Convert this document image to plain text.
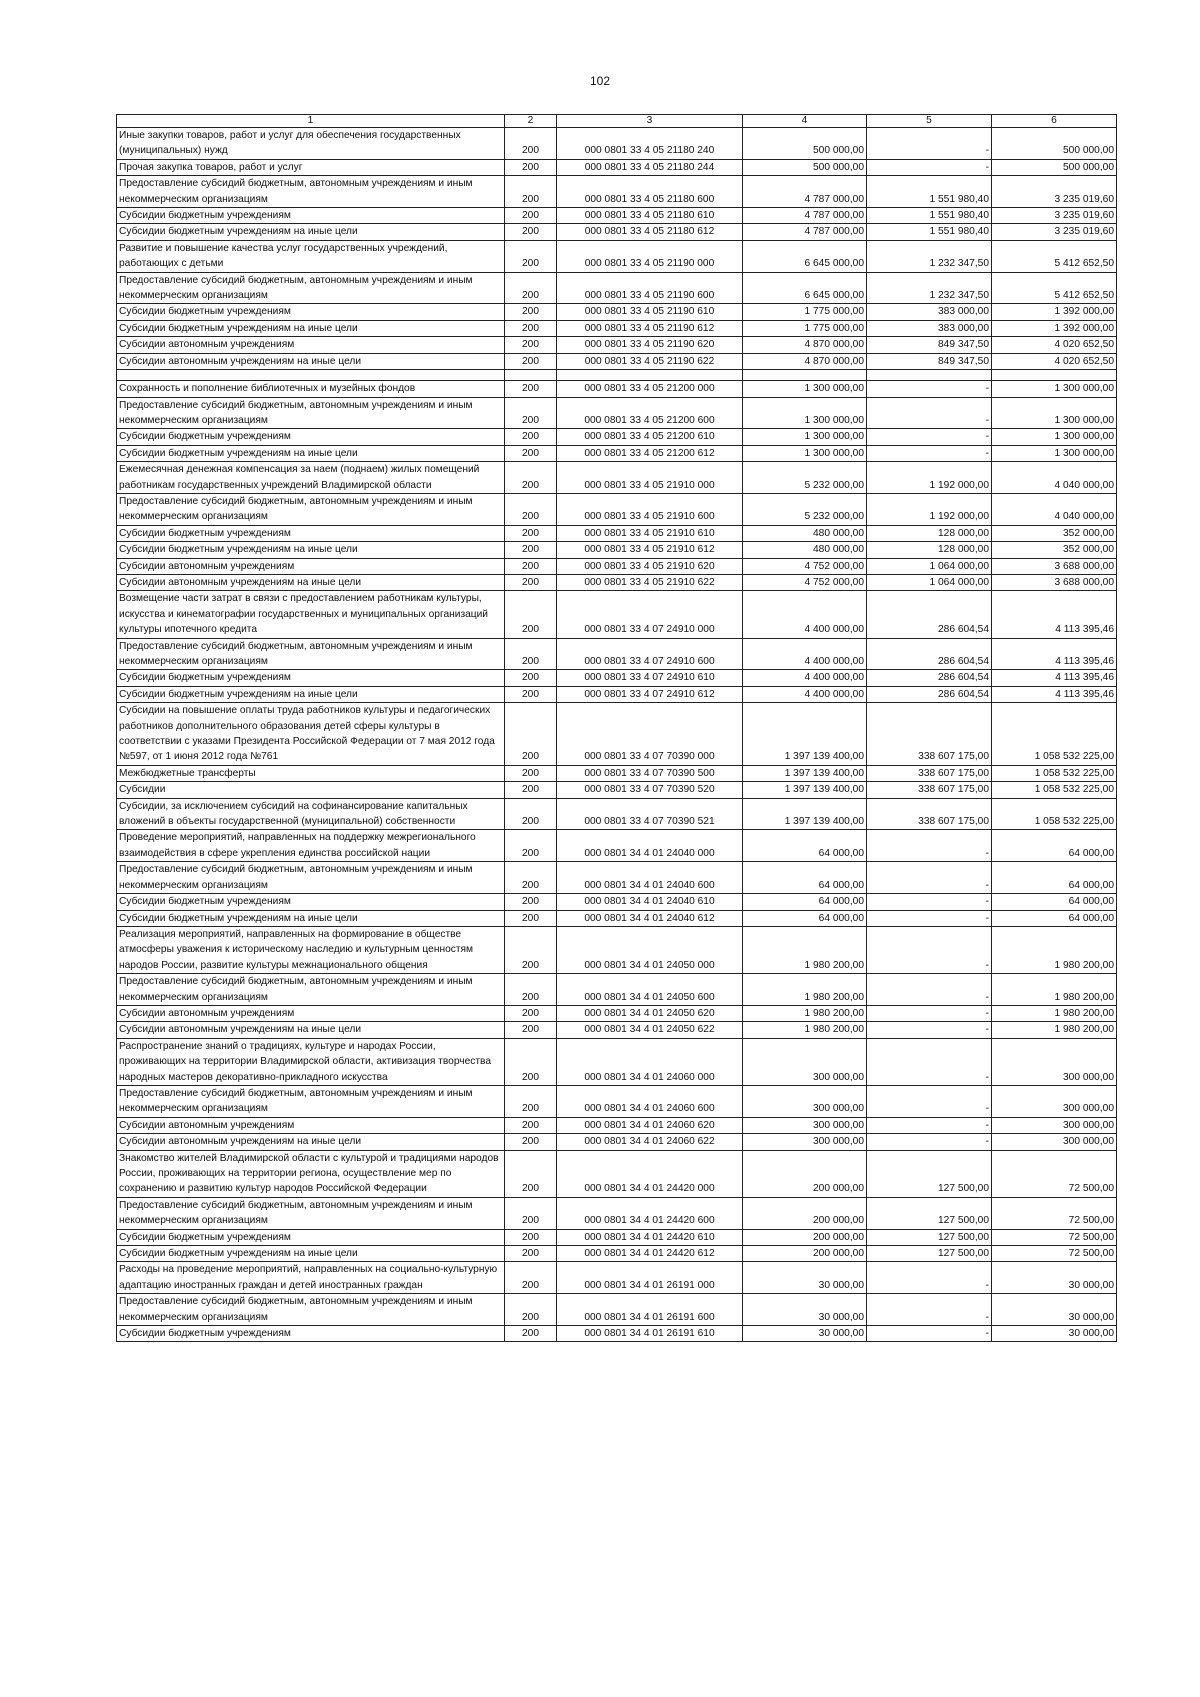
102
1	2	3	4	5	6
Иные закупки товаров, работ и услуг для обеспечения государственных (муниципальных) нужд	200	000 0801 33 4 05 21180 240	500 000,00	-	500 000,00
Прочая закупка товаров, работ и услуг	200	000 0801 33 4 05 21180 244	500 000,00	-	500 000,00
Предоставление субсидий бюджетным, автономным учреждениям и иным некоммерческим организациям	200	000 0801 33 4 05 21180 600	4 787 000,00	1 551 980,40	3 235 019,60
Субсидии бюджетным учреждениям	200	000 0801 33 4 05 21180 610	4 787 000,00	1 551 980,40	3 235 019,60
Субсидии бюджетным учреждениям на иные цели	200	000 0801 33 4 05 21180 612	4 787 000,00	1 551 980,40	3 235 019,60
Развитие и повышение качества услуг государственных учреждений, работающих с детьми	200	000 0801 33 4 05 21190 000	6 645 000,00	1 232 347,50	5 412 652,50
Предоставление субсидий бюджетным, автономным учреждениям и иным некоммерческим организациям	200	000 0801 33 4 05 21190 600	6 645 000,00	1 232 347,50	5 412 652,50
Субсидии бюджетным учреждениям	200	000 0801 33 4 05 21190 610	1 775 000,00	383 000,00	1 392 000,00
Субсидии бюджетным учреждениям на иные цели	200	000 0801 33 4 05 21190 612	1 775 000,00	383 000,00	1 392 000,00
Субсидии автономным учреждениям	200	000 0801 33 4 05 21190 620	4 870 000,00	849 347,50	4 020 652,50
Субсидии автономным учреждениям на иные цели	200	000 0801 33 4 05 21190 622	4 870 000,00	849 347,50	4 020 652,50

Сохранность и пополнение библиотечных и музейных фондов	200	000 0801 33 4 05 21200 000	1 300 000,00	-	1 300 000,00
Предоставление субсидий бюджетным, автономным учреждениям и иным некоммерческим организациям	200	000 0801 33 4 05 21200 600	1 300 000,00	-	1 300 000,00
Субсидии бюджетным учреждениям	200	000 0801 33 4 05 21200 610	1 300 000,00	-	1 300 000,00
Субсидии бюджетным учреждениям на иные цели	200	000 0801 33 4 05 21200 612	1 300 000,00	-	1 300 000,00
Ежемесячная денежная компенсация за наем (поднаем) жилых помещений работникам государственных учреждений Владимирской области	200	000 0801 33 4 05 21910 000	5 232 000,00	1 192 000,00	4 040 000,00
Предоставление субсидий бюджетным, автономным учреждениям и иным некоммерческим организациям	200	000 0801 33 4 05 21910 600	5 232 000,00	1 192 000,00	4 040 000,00
Субсидии бюджетным учреждениям	200	000 0801 33 4 05 21910 610	480 000,00	128 000,00	352 000,00
Субсидии бюджетным учреждениям на иные цели	200	000 0801 33 4 05 21910 612	480 000,00	128 000,00	352 000,00
Субсидии автономным учреждениям	200	000 0801 33 4 05 21910 620	4 752 000,00	1 064 000,00	3 688 000,00
Субсидии автономным учреждениям на иные цели	200	000 0801 33 4 05 21910 622	4 752 000,00	1 064 000,00	3 688 000,00
Возмещение части затрат в связи с предоставлением работникам культуры, искусства и кинематографии государственных и муниципальных организаций культуры ипотечного кредита	200	000 0801 33 4 07 24910 000	4 400 000,00	286 604,54	4 113 395,46
Предоставление субсидий бюджетным, автономным учреждениям и иным некоммерческим организациям	200	000 0801 33 4 07 24910 600	4 400 000,00	286 604,54	4 113 395,46
Субсидии бюджетным учреждениям	200	000 0801 33 4 07 24910 610	4 400 000,00	286 604,54	4 113 395,46
Субсидии бюджетным учреждениям на иные цели	200	000 0801 33 4 07 24910 612	4 400 000,00	286 604,54	4 113 395,46
Субсидии на повышение оплаты труда работников культуры и педагогических работников дополнительного образования детей сферы культуры в соответствии с указами Президента Российской Федерации от 7 мая 2012 года №597, от 1 июня 2012 года №761	200	000 0801 33 4 07 70390 000	1 397 139 400,00	338 607 175,00	1 058 532 225,00
Межбюджетные трансферты	200	000 0801 33 4 07 70390 500	1 397 139 400,00	338 607 175,00	1 058 532 225,00
Субсидии	200	000 0801 33 4 07 70390 520	1 397 139 400,00	338 607 175,00	1 058 532 225,00
Субсидии, за исключением субсидий на софинансирование капитальных вложений в объекты государственной (муниципальной) собственности	200	000 0801 33 4 07 70390 521	1 397 139 400,00	338 607 175,00	1 058 532 225,00
Проведение мероприятий, направленных на поддержку межрегионального взаимодействия в сфере укрепления единства российской нации	200	000 0801 34 4 01 24040 000	64 000,00	-	64 000,00
Предоставление субсидий бюджетным, автономным учреждениям и иным некоммерческим организациям	200	000 0801 34 4 01 24040 600	64 000,00	-	64 000,00
Субсидии бюджетным учреждениям	200	000 0801 34 4 01 24040 610	64 000,00	-	64 000,00
Субсидии бюджетным учреждениям на иные цели	200	000 0801 34 4 01 24040 612	64 000,00	-	64 000,00
Реализация мероприятий, направленных на формирование в обществе атмосферы уважения к историческому наследию и культурным ценностям народов России, развитие культуры межнационального общения	200	000 0801 34 4 01 24050 000	1 980 200,00	-	1 980 200,00
Предоставление субсидий бюджетным, автономным учреждениям и иным некоммерческим организациям	200	000 0801 34 4 01 24050 600	1 980 200,00	-	1 980 200,00
Субсидии автономным учреждениям	200	000 0801 34 4 01 24050 620	1 980 200,00	-	1 980 200,00
Субсидии автономным учреждениям на иные цели	200	000 0801 34 4 01 24050 622	1 980 200,00	-	1 980 200,00
Распространение знаний о традициях, культуре и народах России, проживающих на территории Владимирской области, активизация творчества народных мастеров декоративно-прикладного искусства	200	000 0801 34 4 01 24060 000	300 000,00	-	300 000,00
Предоставление субсидий бюджетным, автономным учреждениям и иным некоммерческим организациям	200	000 0801 34 4 01 24060 600	300 000,00	-	300 000,00
Субсидии автономным учреждениям	200	000 0801 34 4 01 24060 620	300 000,00	-	300 000,00
Субсидии автономным учреждениям на иные цели	200	000 0801 34 4 01 24060 622	300 000,00	-	300 000,00
Знакомство жителей Владимирской области с культурой и традициями народов России, проживающих на территории региона, осуществление мер по сохранению и развитию культур народов Российской Федерации	200	000 0801 34 4 01 24420 000	200 000,00	127 500,00	72 500,00
Предоставление субсидий бюджетным, автономным учреждениям и иным некоммерческим организациям	200	000 0801 34 4 01 24420 600	200 000,00	127 500,00	72 500,00
Субсидии бюджетным учреждениям	200	000 0801 34 4 01 24420 610	200 000,00	127 500,00	72 500,00
Субсидии бюджетным учреждениям на иные цели	200	000 0801 34 4 01 24420 612	200 000,00	127 500,00	72 500,00
Расходы на проведение мероприятий, направленных на социально-культурную адаптацию иностранных граждан и детей иностранных граждан	200	000 0801 34 4 01 26191 000	30 000,00	-	30 000,00
Предоставление субсидий бюджетным, автономным учреждениям и иным некоммерческим организациям	200	000 0801 34 4 01 26191 600	30 000,00	-	30 000,00
Субсидии бюджетным учреждениям	200	000 0801 34 4 01 26191 610	30 000,00	-	30 000,00
